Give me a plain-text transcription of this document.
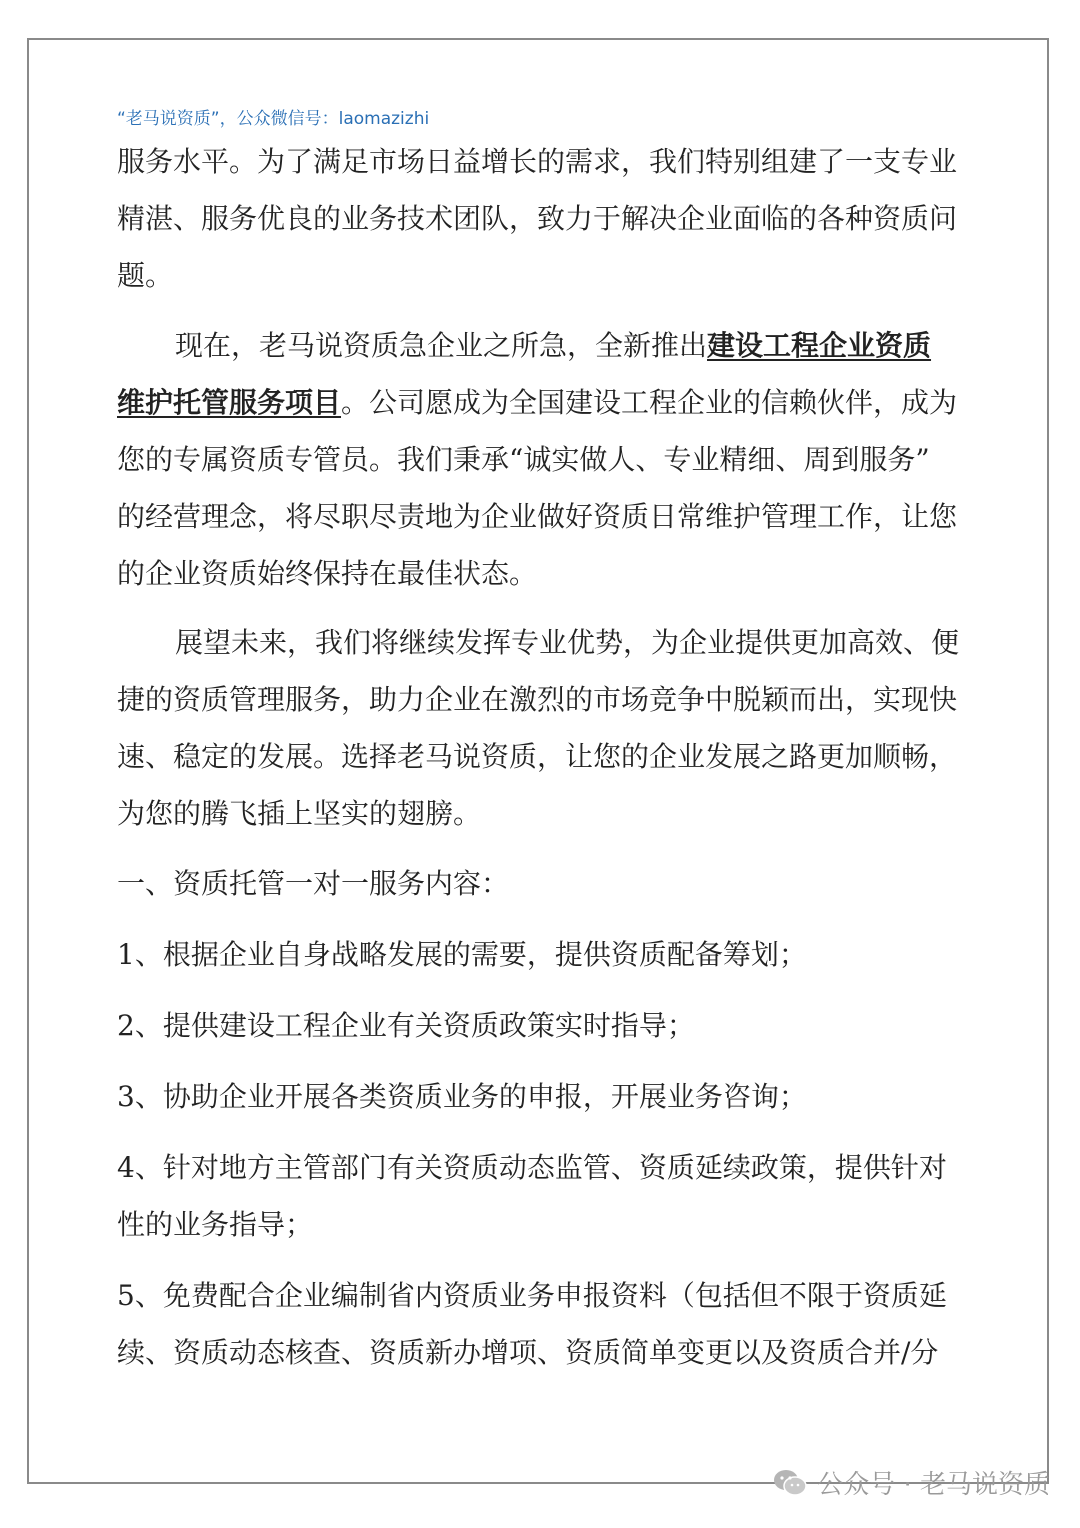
“老马说资质”，公众微信号：laomazizhi
服务水平。为了满足市场日益增长的需求，我们特别组建了一支专业
精湛、服务优良的业务技术团队，致力于解决企业面临的各种资质问
题。
现在，老马说资质急企业之所急，全新推出建设工程企业资质
维护托管服务项目。公司愿成为全国建设工程企业的信赖伙伴，成为
您的专属资质专管员。我们秉承“诚实做人、专业精细、周到服务”
的经营理念，将尽职尽责地为企业做好资质日常维护管理工作，让您
的企业资质始终保持在最佳状态。
展望未来，我们将继续发挥专业优势，为企业提供更加高效、便
捷的资质管理服务，助力企业在激烈的市场竞争中脱颖而出，实现快
速、稳定的发展。选择老马说资质，让您的企业发展之路更加顺畅，
为您的腾飞插上坚实的翅膀。
一、资质托管一对一服务内容：
1、根据企业自身战略发展的需要，提供资质配备筹划；
2、提供建设工程企业有关资质政策实时指导；
3、协助企业开展各类资质业务的申报，开展业务咨询；
4、针对地方主管部门有关资质动态监管、资质延续政策，提供针对
性的业务指导；
5、免费配合企业编制省内资质业务申报资料（包括但不限于资质延
续、资质动态核查、资质新办增项、资质简单变更以及资质合并/分
公众号 · 老马说资质
